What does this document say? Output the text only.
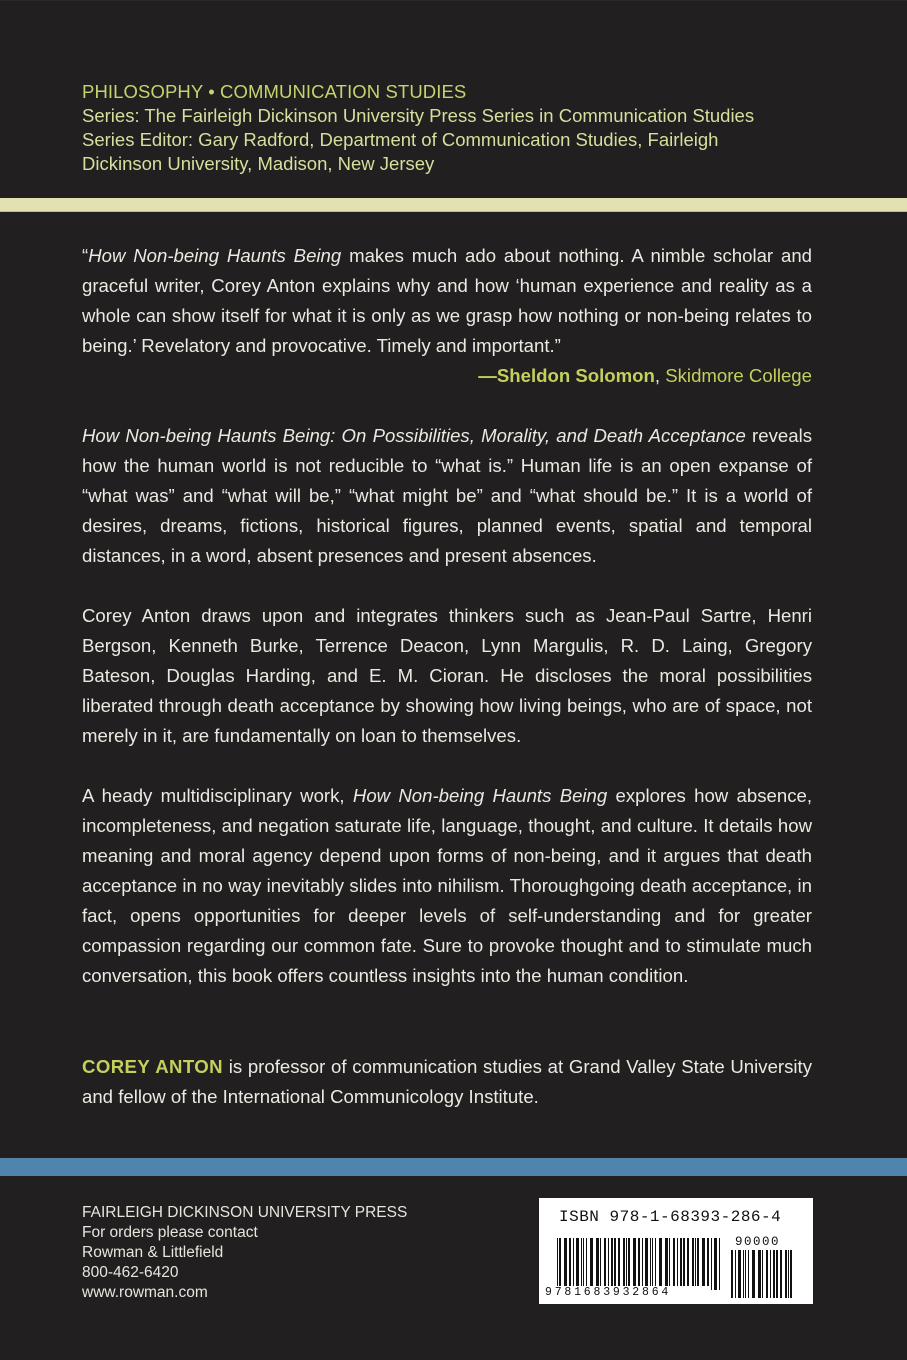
PHILOSOPHY • COMMUNICATION STUDIES
Series: The Fairleigh Dickinson University Press Series in Communication Studies
Series Editor: Gary Radford, Department of Communication Studies, Fairleigh
Dickinson University, Madison, New Jersey

“How Non-being Haunts Being makes much ado about nothing. A nimble scholar and graceful writer, Corey Anton explains why and how ‘human experience and reality as a whole can show itself for what it is only as we grasp how nothing or non-being relates to being.’ Revelatory and provocative. Timely and important.”

—Sheldon Solomon, Skidmore College

How Non-being Haunts Being: On Possibilities, Morality, and Death Acceptance reveals how the human world is not reducible to “what is.” Human life is an open expanse of “what was” and “what will be,” “what might be” and “what should be.” It is a world of desires, dreams, fictions, historical figures, planned events, spatial and temporal distances, in a word, absent presences and present absences.

Corey Anton draws upon and integrates thinkers such as Jean-Paul Sartre, Henri Bergson, Kenneth Burke, Terrence Deacon, Lynn Margulis, R. D. Laing, Gregory Bateson, Douglas Harding, and E. M. Cioran. He discloses the moral possibilities liberated through death acceptance by showing how living beings, who are of space, not merely in it, are fundamentally on loan to themselves.

A heady multidisciplinary work, How Non-being Haunts Being explores how absence, incompleteness, and negation saturate life, language, thought, and culture. It details how meaning and moral agency depend upon forms of non-being, and it argues that death acceptance in no way inevitably slides into nihilism. Thoroughgoing death acceptance, in fact, opens opportunities for deeper levels of self-understanding and for greater compassion regarding our common fate. Sure to provoke thought and to stimulate much conversation, this book offers countless insights into the human condition.

COREY ANTON is professor of communication studies at Grand Valley State University and fellow of the International Communicology Institute.

FAIRLEIGH DICKINSON UNIVERSITY PRESS
For orders please contact
Rowman & Littlefield
800-462-6420
www.rowman.com
ISBN 978-1-68393-286-4
90000
9781683932864
